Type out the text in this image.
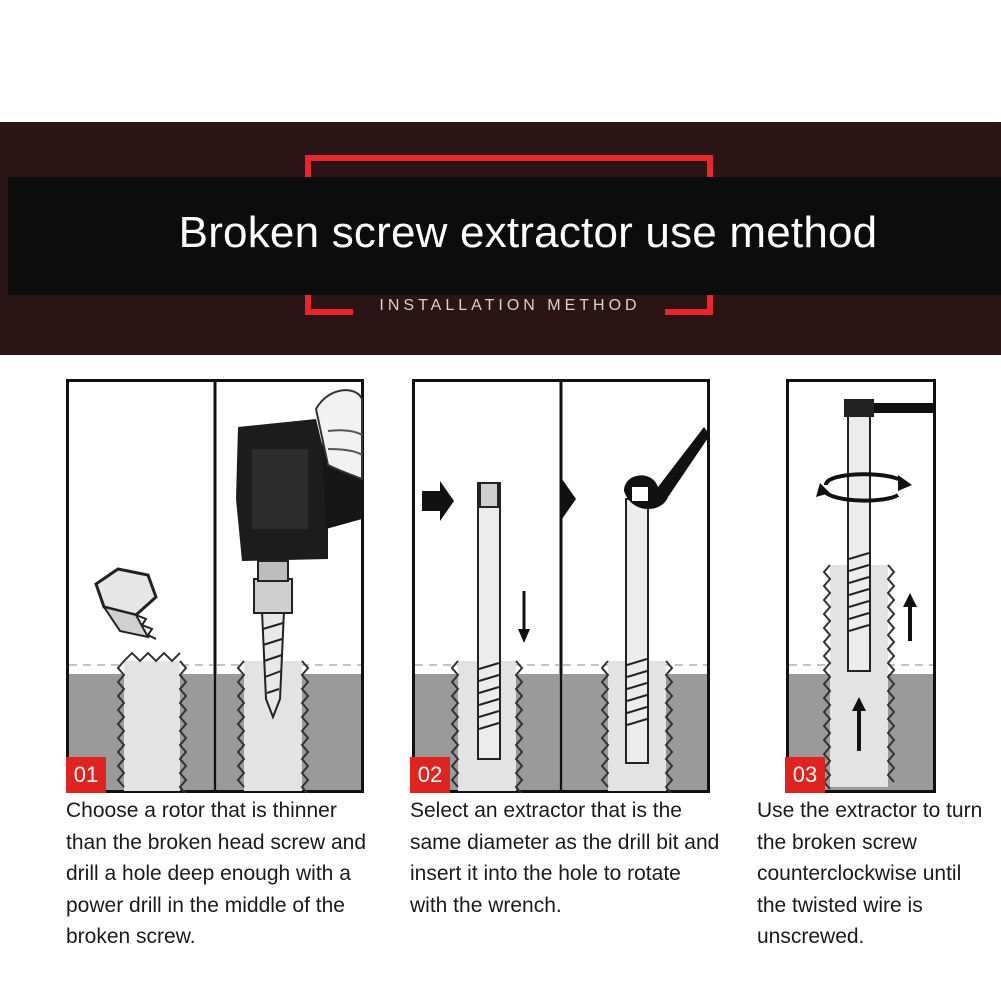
Broken screw extractor use method
INSTALLATION METHOD
01	02	03
Choose a rotor that is thinner than the broken head screw and drill a hole deep enough with a power drill in the middle of the broken screw.
Select an extractor that is the same diameter as the drill bit and insert it into the hole to rotate with the wrench.
Use the extractor to turn the broken screw counterclockwise until the twisted wire is unscrewed.
